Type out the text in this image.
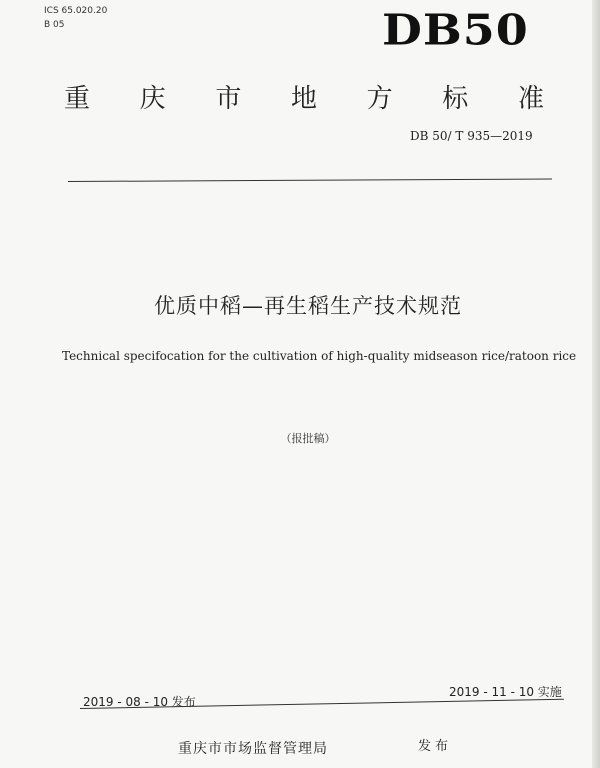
ICS 65.020.20
B 05	DB50
重 庆 市 地 方 标 准
DB 50/ T 935—2019
优质中稻—再生稻生产技术规范
Technical specifocation for the cultivation of high-quality midseason rice/ratoon rice
（报批稿）
2019 - 08 - 10 发布
2019 - 11 - 10 实施
重庆市市场监督管理局	发布
